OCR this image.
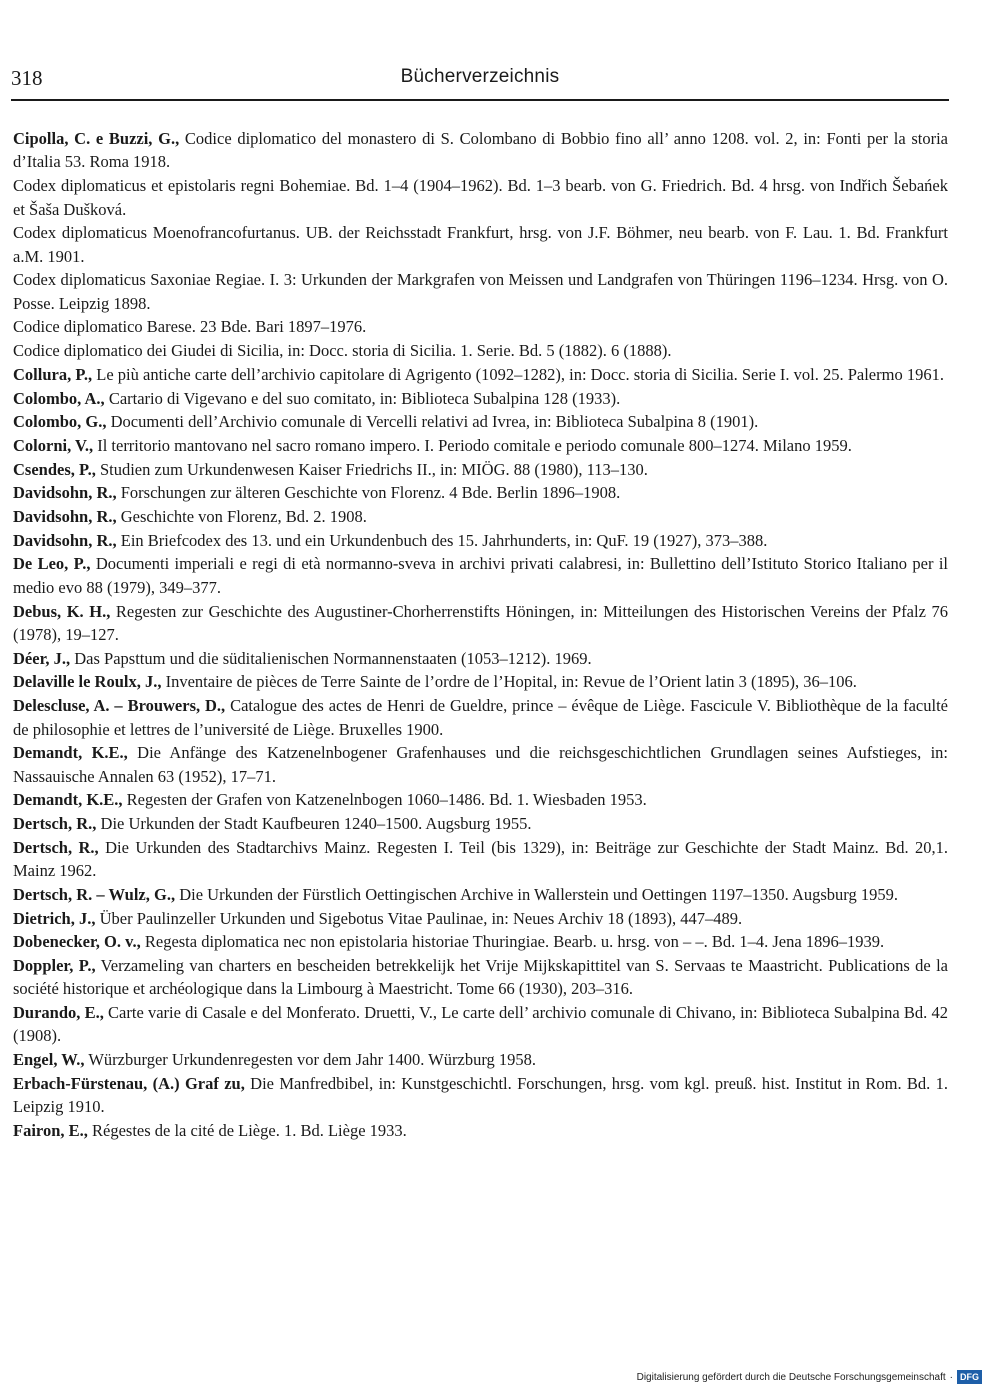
318	Bücherverzeichnis

Cipolla, C. e Buzzi, G., Codice diplomatico del monastero di S. Colombano di Bobbio fino all’ anno 1208. vol. 2, in: Fonti per la storia d’Italia 53. Roma 1918.

Codex diplomaticus et epistolaris regni Bohemiae. Bd. 1–4 (1904–1962). Bd. 1–3 bearb. von G. Friedrich. Bd. 4 hrsg. von Indřich Šebańek et Šaša Dušková.

Codex diplomaticus Moenofrancofurtanus. UB. der Reichsstadt Frankfurt, hrsg. von J.F. Böhmer, neu bearb. von F. Lau. 1. Bd. Frankfurt a.M. 1901.

Codex diplomaticus Saxoniae Regiae. I. 3: Urkunden der Markgrafen von Meissen und Landgrafen von Thüringen 1196–1234. Hrsg. von O. Posse. Leipzig 1898.

Codice diplomatico Barese. 23 Bde. Bari 1897–1976.

Codice diplomatico dei Giudei di Sicilia, in: Docc. storia di Sicilia. 1. Serie. Bd. 5 (1882). 6 (1888).

Collura, P., Le più antiche carte dell’archivio capitolare di Agrigento (1092–1282), in: Docc. storia di Sicilia. Serie I. vol. 25. Palermo 1961.

Colombo, A., Cartario di Vigevano e del suo comitato, in: Biblioteca Subalpina 128 (1933).

Colombo, G., Documenti dell’Archivio comunale di Vercelli relativi ad Ivrea, in: Biblioteca Subalpina 8 (1901).

Colorni, V., Il territorio mantovano nel sacro romano impero. I. Periodo comitale e periodo comunale 800–1274. Milano 1959.

Csendes, P., Studien zum Urkundenwesen Kaiser Friedrichs II., in: MIÖG. 88 (1980), 113–130.

Davidsohn, R., Forschungen zur älteren Geschichte von Florenz. 4 Bde. Berlin 1896–1908.

Davidsohn, R., Geschichte von Florenz, Bd. 2. 1908.

Davidsohn, R., Ein Briefcodex des 13. und ein Urkundenbuch des 15. Jahrhunderts, in: QuF. 19 (1927), 373–388.

De Leo, P., Documenti imperiali e regi di età normanno-sveva in archivi privati calabresi, in: Bullettino dell’Istituto Storico Italiano per il medio evo 88 (1979), 349–377.

Debus, K. H., Regesten zur Geschichte des Augustiner-Chorherrenstifts Höningen, in: Mitteilungen des Historischen Vereins der Pfalz 76 (1978), 19–127.

Déer, J., Das Papsttum und die süditalienischen Normannenstaaten (1053–1212). 1969.

Delaville le Roulx, J., Inventaire de pièces de Terre Sainte de l’ordre de l’Hopital, in: Revue de l’Orient latin 3 (1895), 36–106.

Delescluse, A. – Brouwers, D., Catalogue des actes de Henri de Gueldre, prince – évêque de Liège. Fascicule V. Bibliothèque de la faculté de philosophie et lettres de l’université de Liège. Bruxelles 1900.

Demandt, K.E., Die Anfänge des Katzenelnbogener Grafenhauses und die reichsgeschichtlichen Grundlagen seines Aufstieges, in: Nassauische Annalen 63 (1952), 17–71.

Demandt, K.E., Regesten der Grafen von Katzenelnbogen 1060–1486. Bd. 1. Wiesbaden 1953.

Dertsch, R., Die Urkunden der Stadt Kaufbeuren 1240–1500. Augsburg 1955.

Dertsch, R., Die Urkunden des Stadtarchivs Mainz. Regesten I. Teil (bis 1329), in: Beiträge zur Geschichte der Stadt Mainz. Bd. 20,1. Mainz 1962.

Dertsch, R. – Wulz, G., Die Urkunden der Fürstlich Oettingischen Archive in Wallerstein und Oettingen 1197–1350. Augsburg 1959.

Dietrich, J., Über Paulinzeller Urkunden und Sigebotus Vitae Paulinae, in: Neues Archiv 18 (1893), 447–489.

Dobenecker, O. v., Regesta diplomatica nec non epistolaria historiae Thuringiae. Bearb. u. hrsg. von – –. Bd. 1–4. Jena 1896–1939.

Doppler, P., Verzameling van charters en bescheiden betrekkelijk het Vrije Mijkskapittitel van S. Servaas te Maastricht. Publications de la société historique et archéologique dans la Limbourg à Maestricht. Tome 66 (1930), 203–316.

Durando, E., Carte varie di Casale e del Monferato. Druetti, V., Le carte dell’ archivio comunale di Chivano, in: Biblioteca Subalpina Bd. 42 (1908).

Engel, W., Würzburger Urkundenregesten vor dem Jahr 1400. Würzburg 1958.

Erbach-Fürstenau, (A.) Graf zu, Die Manfredbibel, in: Kunstgeschichtl. Forschungen, hrsg. vom kgl. preuß. hist. Institut in Rom. Bd. 1. Leipzig 1910.

Fairon, E., Régestes de la cité de Liège. 1. Bd. Liège 1933.

Digitalisierung gefördert durch die Deutsche Forschungsgemeinschaft · DFG
